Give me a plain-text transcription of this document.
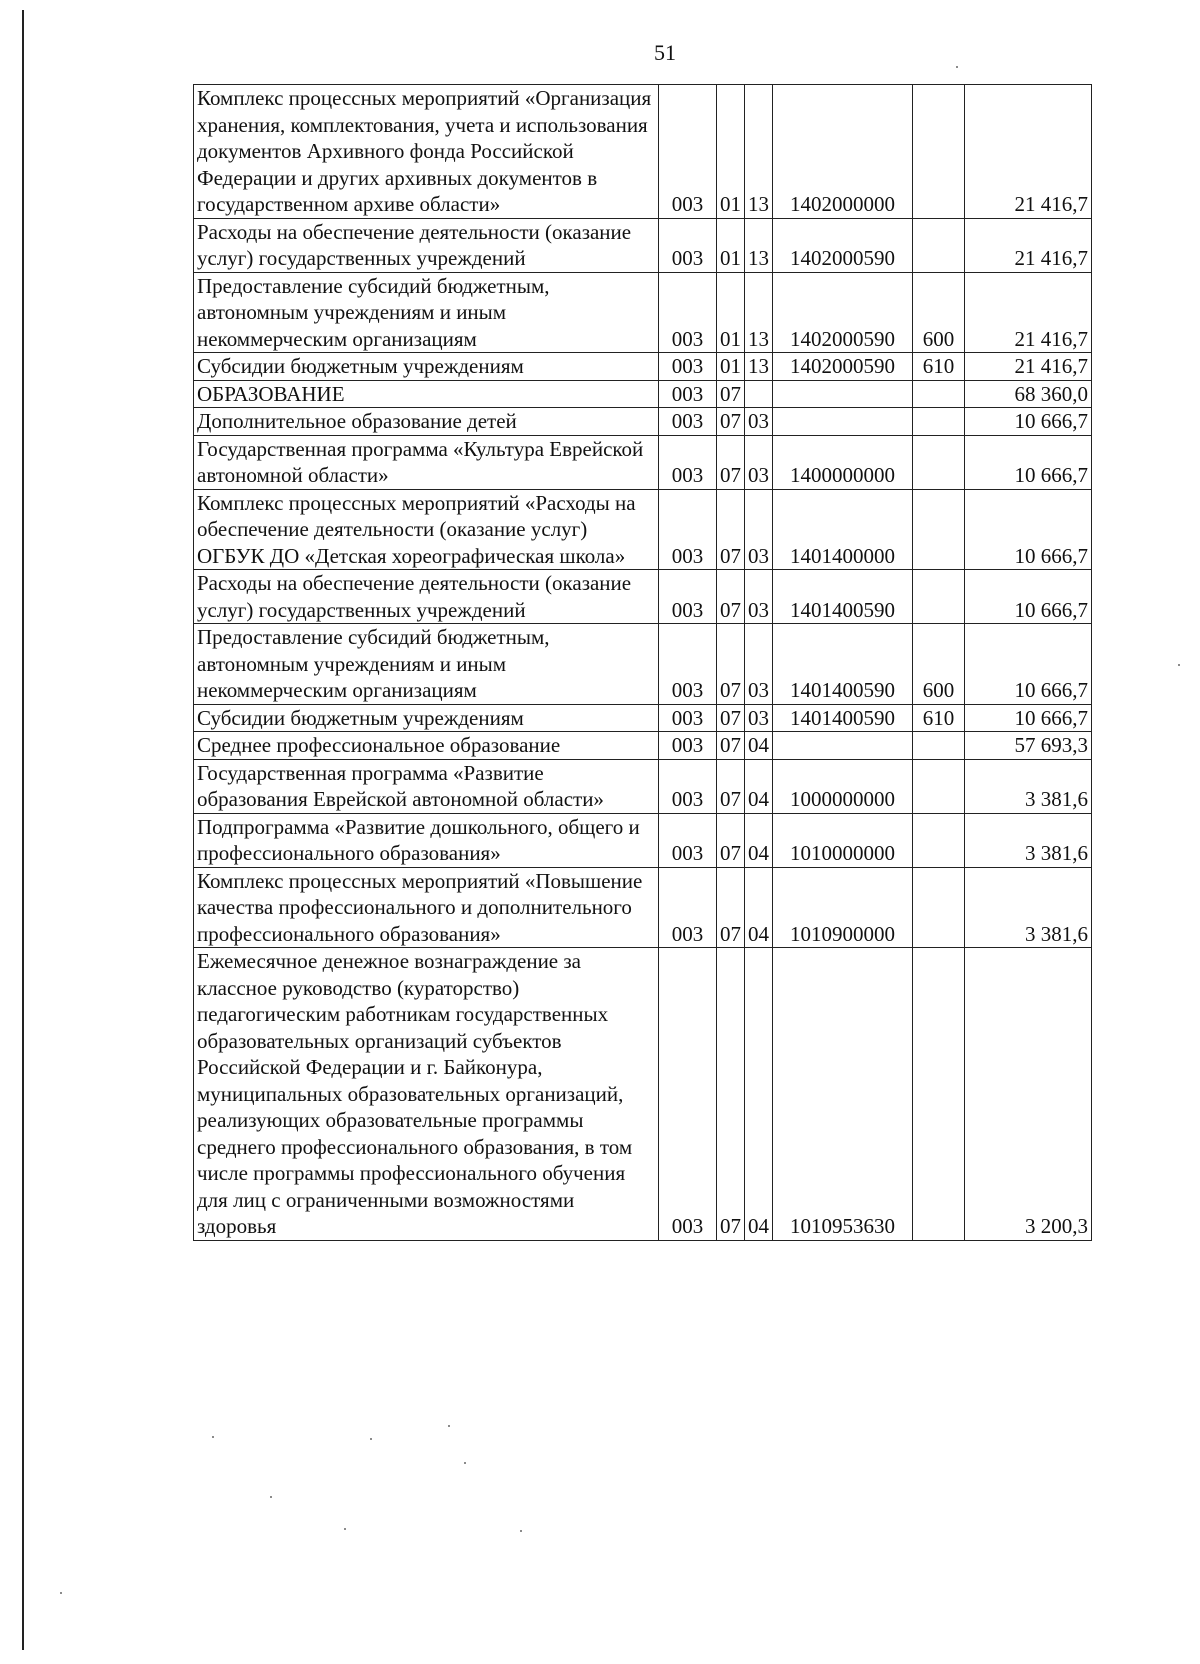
51
Комплекс процессных мероприятий «Организация хранения, комплектования, учета и использования документов Архивного фонда Российской Федерации и других архивных документов в государственном архиве области»	003	01	13	1402000000		21 416,7
Расходы на обеспечение деятельности (оказание услуг) государственных учреждений	003	01	13	1402000590		21 416,7
Предоставление субсидий бюджетным, автономным учреждениям и иным некоммерческим организациям	003	01	13	1402000590	600	21 416,7
Субсидии бюджетным учреждениям	003	01	13	1402000590	610	21 416,7
ОБРАЗОВАНИЕ	003	07				68 360,0
Дополнительное образование детей	003	07	03			10 666,7
Государственная программа «Культура Еврейской автономной области»	003	07	03	1400000000		10 666,7
Комплекс процессных мероприятий «Расходы на обеспечение деятельности (оказание услуг) ОГБУК ДО «Детская хореографическая школа»	003	07	03	1401400000		10 666,7
Расходы на обеспечение деятельности (оказание услуг) государственных учреждений	003	07	03	1401400590		10 666,7
Предоставление субсидий бюджетным, автономным учреждениям и иным некоммерческим организациям	003	07	03	1401400590	600	10 666,7
Субсидии бюджетным учреждениям	003	07	03	1401400590	610	10 666,7
Среднее профессиональное образование	003	07	04			57 693,3
Государственная программа «Развитие образования Еврейской автономной области»	003	07	04	1000000000		3 381,6
Подпрограмма «Развитие дошкольного, общего и профессионального образования»	003	07	04	1010000000		3 381,6
Комплекс процессных мероприятий «Повышение качества профессионального и дополнительного профессионального образования»	003	07	04	1010900000		3 381,6
Ежемесячное денежное вознаграждение за классное руководство (кураторство) педагогическим работникам государственных образовательных организаций субъектов Российской Федерации и г. Байконура, муниципальных образовательных организаций, реализующих образовательные программы среднего профессионального образования, в том числе программы профессионального обучения для лиц с ограниченными возможностями здоровья	003	07	04	1010953630		3 200,3
